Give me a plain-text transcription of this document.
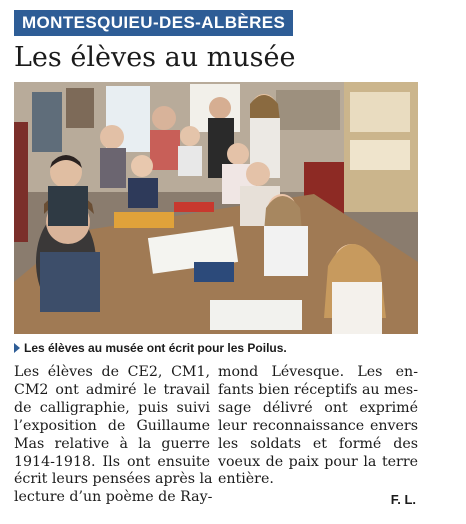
MONTESQUIEU-DES-ALBÈRES
Les élèves au musée
Les élèves au musée ont écrit pour les Poilus.
Les élèves de CE2, CM1,
CM2 ont admiré le travail
de calligraphie, puis suivi
l’exposition de Guillaume
Mas relative à la guerre
1914-1918. Ils ont ensuite
écrit leurs pensées après la
lecture d’un poème de Ray-
mond Lévesque. Les en-
fants bien réceptifs au mes-
sage délivré ont exprimé
leur reconnaissance envers
les soldats et formé des
voeux de paix pour la terre
entière.
F. L.
